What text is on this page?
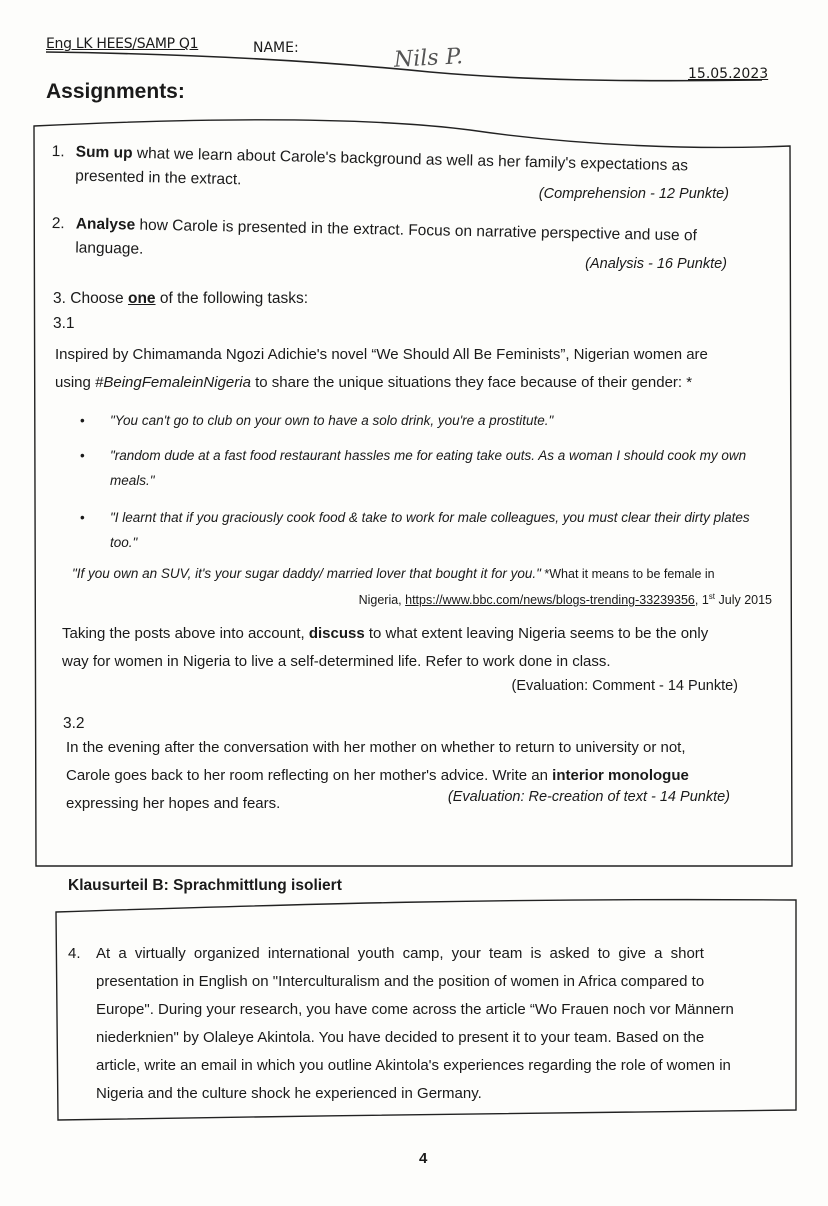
Eng LK HEES/SAMP Q1	NAME:	Nils P.
15.05.2023
Assignments:
1. Sum up what we learn about Carole's background as well as her family's expectations as
presented in the extract.
(Comprehension - 12 Punkte)
2. Analyse how Carole is presented in the extract. Focus on narrative perspective and use of
language.
(Analysis - 16 Punkte)
3. Choose one of the following tasks:
3.1
Inspired by Chimamanda Ngozi Adichie's novel “We Should All Be Feminists”, Nigerian women are
using #BeingFemaleinNigeria to share the unique situations they face because of their gender: *
• "You can't go to club on your own to have a solo drink, you're a prostitute."
• "random dude at a fast food restaurant hassles me for eating take outs. As a woman I should cook my own meals."
• "I learnt that if you graciously cook food & take to work for male colleagues, you must clear their dirty plates too."
"If you own an SUV, it's your sugar daddy/ married lover that bought it for you." *What it means to be female in
Nigeria, https://www.bbc.com/news/blogs-trending-33239356, 1st July 2015
Taking the posts above into account, discuss to what extent leaving Nigeria seems to be the only
way for women in Nigeria to live a self-determined life. Refer to work done in class.
(Evaluation: Comment - 14 Punkte)
3.2
In the evening after the conversation with her mother on whether to return to university or not,
Carole goes back to her room reflecting on her mother's advice. Write an interior monologue
expressing her hopes and fears.	(Evaluation: Re-creation of text - 14 Punkte)
Klausurteil B: Sprachmittlung isoliert
4. At a virtually organized international youth camp, your team is asked to give a short
presentation in English on "Interculturalism and the position of women in Africa compared to
Europe". During your research, you have come across the article “Wo Frauen noch vor Männern
niederknien" by Olaleye Akintola. You have decided to present it to your team. Based on the
article, write an email in which you outline Akintola's experiences regarding the role of women in
Nigeria and the culture shock he experienced in Germany.
4
